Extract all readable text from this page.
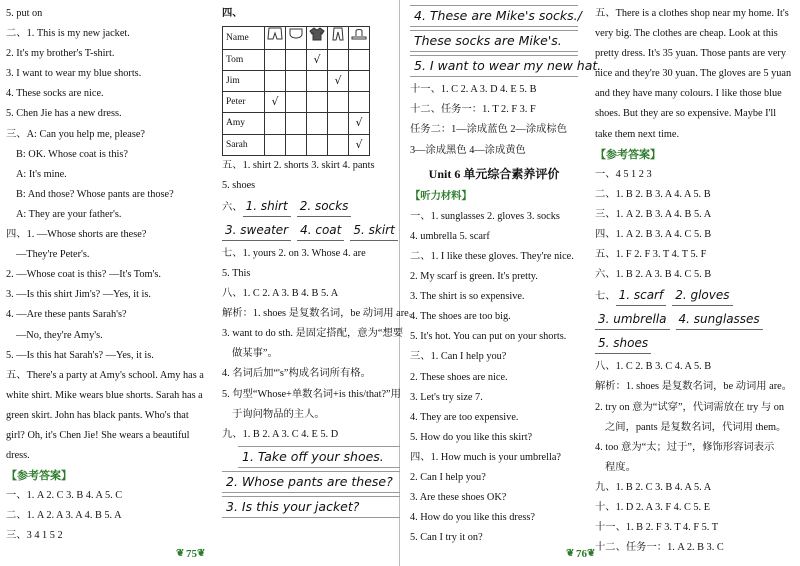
5. put on
二、1. This is my new jacket.
2. It's my brother's T-shirt.
3. I want to wear my blue shorts.
4. These socks are nice.
5. Chen Jie has a new dress.
三、A: Can you help me, please?
B: OK. Whose coat is this?
A: It's mine.
B: And those? Whose pants are those?
A: They are your father's.
四、1. —Whose shorts are these?
—They're Peter's.
2. —Whose coat is this? —It's Tom's.
3. —Is this shirt Jim's? —Yes, it is.
4. —Are these pants Sarah's?
—No, they're Amy's.
5. —Is this hat Sarah's? —Yes, it is.

五、There's a party at Amy's school. Amy has a white shirt. Mike wears blue shorts. Sarah has a green skirt. John has black pants. Who's that girl? Oh, it's Chen Jie! She wears a beautiful dress.

【参考答案】
一、1. A 2. C 3. B 4. A 5. C
二、1. A 2. A 3. A 4. B 5. A
三、3 4 1 5 2
四、
Name					
Tom			√		
Jim				√	
Peter	√				
Amy					√
Sarah					√
五、1. shirt 2. shorts 3. skirt 4. pants
5. shoes
六、 1. shirt 2. socks
3. sweater 4. coat 5. skirt
七、1. yours 2. on 3. Whose 4. are
5. This
八、1. C 2. A 3. B 4. B 5. A
解析：1. shoes 是复数名词，be 动词用 are。
3. want to do sth. 是固定搭配，意为“想要
做某事”。
4. 名词后加“'s”构成名词所有格。
5. 句型“Whose+单数名词+is this/that?”用
于询问物品的主人。
九、1. B 2. A 3. C 4. E 5. D
1. Take off your shoes.
2. Whose pants are these?
3. Is this your jacket?
4. These are Mike's socks./
These socks are Mike's.
5. I want to wear my new hat.
十一、1. C 2. A 3. D 4. E 5. B
十二、任务一：1. T 2. F 3. F
任务二：1—涂成蓝色 2—涂成棕色
3—涂成黑色 4—涂成黄色
Unit 6 单元综合素养评价
【听力材料】
一、1. sunglasses 2. gloves 3. socks
4. umbrella 5. scarf
二、1. I like these gloves. They're nice.
2. My scarf is green. It's pretty.
3. The shirt is so expensive.
4. The shoes are too big.
5. It's hot. You can put on your shorts.
三、1. Can I help you?
2. These shoes are nice.
3. Let's try size 7.
4. They are too expensive.
5. How do you like this skirt?
四、1. How much is your umbrella?
2. Can I help you?
3. Are these shoes OK?
4. How do you like this dress?
5. Can I try it on?

五、There is a clothes shop near my home. It's very big. The clothes are cheap. Look at this pretty dress. It's 35 yuan. Those pants are very nice and they're 30 yuan. The gloves are 5 yuan and they have many colours. I like those blue shoes. But they are so expensive. Maybe I'll take them next time.

【参考答案】
一、4 5 1 2 3
二、1. B 2. B 3. A 4. A 5. B
三、1. A 2. B 3. A 4. B 5. A
四、1. A 2. B 3. A 4. C 5. B
五、1. F 2. F 3. T 4. T 5. F
六、1. B 2. A 3. B 4. C 5. B
七、 1. scarf 2. gloves
3. umbrella 4. sunglasses
5. shoes
八、1. C 2. B 3. C 4. A 5. B
解析：1. shoes 是复数名词，be 动词用 are。
2. try on 意为“试穿”，代词需放在 try 与 on
之间，pants 是复数名词，代词用 them。
4. too 意为“太；过于”，修饰形容词表示
程度。
九、1. B 2. C 3. B 4. A 5. A
十、1. D 2. A 3. F 4. C 5. E
十一、1. B 2. F 3. T 4. F 5. T
十二、任务一：1. A 2. B 3. C
❦ 75❦	❦ 76❦
